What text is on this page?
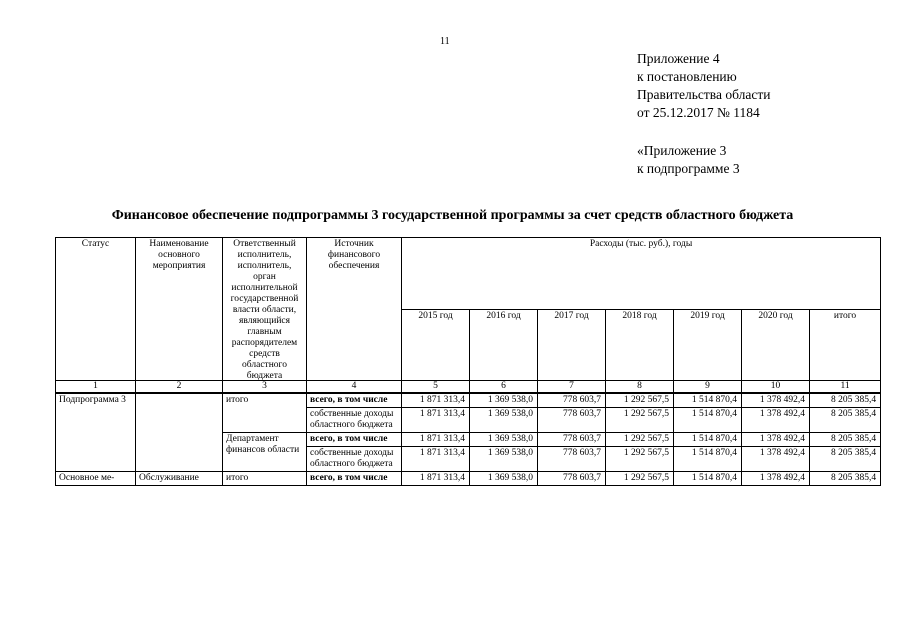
11

Приложение 4

к постановлению

Правительства области

от 25.12.2017 № 1184

«Приложение 3

к подпрограмме 3

Финансовое обеспечение подпрограммы 3 государственной программы за счет средств областного бюджета
Статус	Наименование основного мероприятия	Ответственный исполнитель, исполнитель, орган исполнительной государственной власти области, являющийся главным распорядителем средств областного бюджета	Источник финансового обеспечения	Расходы (тыс. руб.), годы						
				2015 год	2016 год	2017 год	2018 год	2019 год	2020 год	итого
1	2	3	4	5	6	7	8	9	10	11
Подпрограмма 3		итого	всего, в том числе	1 871 313,4	1 369 538,0	778 603,7	1 292 567,5	1 514 870,4	1 378 492,4	8 205 385,4
			собственные доходы областного бюджета	1 871 313,4	1 369 538,0	778 603,7	1 292 567,5	1 514 870,4	1 378 492,4	8 205 385,4
		Департамент финансов области	всего, в том числе	1 871 313,4	1 369 538,0	778 603,7	1 292 567,5	1 514 870,4	1 378 492,4	8 205 385,4
			собственные доходы областного бюджета	1 871 313,4	1 369 538,0	778 603,7	1 292 567,5	1 514 870,4	1 378 492,4	8 205 385,4
Основное ме-	Обслуживание	итого	всего, в том числе	1 871 313,4	1 369 538,0	778 603,7	1 292 567,5	1 514 870,4	1 378 492,4	8 205 385,4
